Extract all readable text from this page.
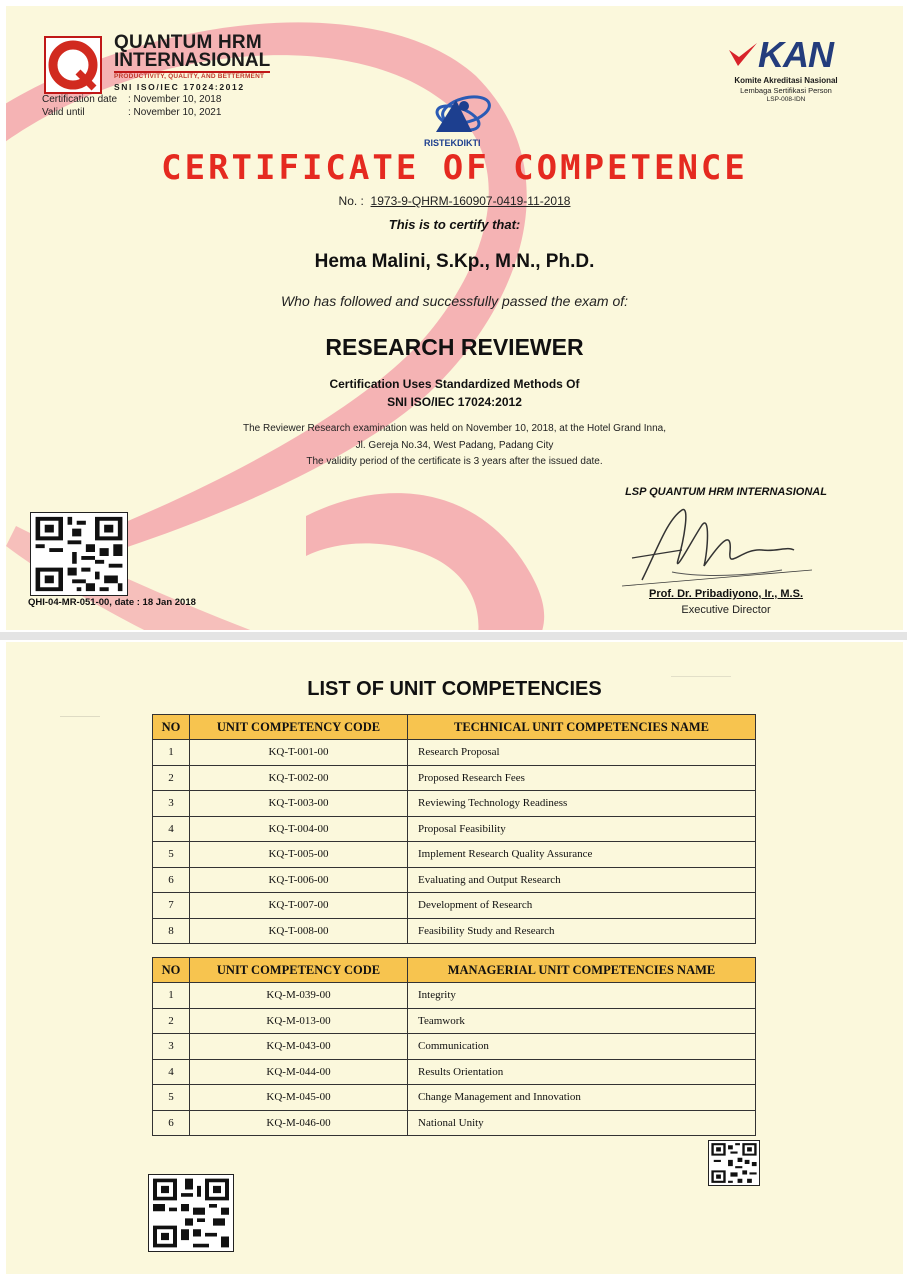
QUANTUM HRM
INTERNASIONAL
PRODUCTIVITY, QUALITY, AND BETTERMENT
SNI ISO/IEC 17024:2012
Certification date : November 10, 2018
Valid until	: November 10, 2021
KAN
Komite Akreditasi Nasional
Lembaga Sertifikasi Person
LSP-008-IDN
RISTEKDIKTI
CERTIFICATE OF COMPETENCE
No. : 1973-9-QHRM-160907-0419-11-2018
This is to certify that:
Hema Malini, S.Kp., M.N., Ph.D.
Who has followed and successfully passed the exam of:
RESEARCH REVIEWER
Certification Uses Standardized Methods Of
SNI ISO/IEC 17024:2012
The Reviewer Research examination was held on November 10, 2018, at the Hotel Grand Inna,
Jl. Gereja No.34, West Padang, Padang City
The validity period of the certificate is 3 years after the issued date.
LSP QUANTUM HRM INTERNASIONAL
Prof. Dr. Pribadiyono, Ir., M.S.
Executive Director
QHI-04-MR-051-00, date : 18 Jan 2018
LIST OF UNIT COMPETENCIES
NO	UNIT COMPETENCY CODE	TECHNICAL UNIT COMPETENCIES NAME
1	KQ-T-001-00	Research Proposal
2	KQ-T-002-00	Proposed Research Fees
3	KQ-T-003-00	Reviewing Technology Readiness
4	KQ-T-004-00	Proposal Feasibility
5	KQ-T-005-00	Implement Research Quality Assurance
6	KQ-T-006-00	Evaluating and Output Research
7	KQ-T-007-00	Development of Research
8	KQ-T-008-00	Feasibility Study and Research
NO	UNIT COMPETENCY CODE	MANAGERIAL UNIT COMPETENCIES NAME
1	KQ-M-039-00	Integrity
2	KQ-M-013-00	Teamwork
3	KQ-M-043-00	Communication
4	KQ-M-044-00	Results Orientation
5	KQ-M-045-00	Change Management and Innovation
6	KQ-M-046-00	National Unity
